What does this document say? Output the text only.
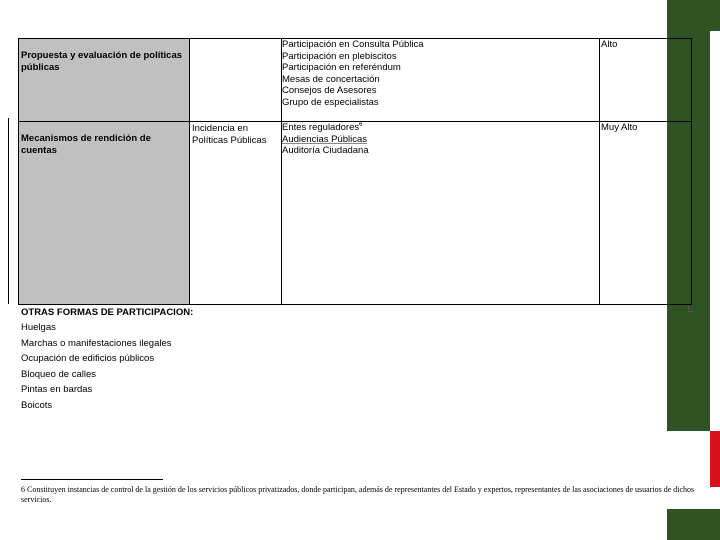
Propuesta y evaluación de políticas públicas
Participación en Consulta Pública
Participación en plebiscitos
Participación en referéndum
Mesas de concertación
Consejos de Asesores
Grupo de especialistas
Alto
Mecanismos de rendición de cuentas
Incidencia en Políticas Públicas
Entes reguladores$^6$
Audiencias Públicas
Auditoría Ciudadana
Muy Alto

OTRAS FORMAS DE PARTICIPACION:

Huelgas
Marchas o manifestaciones ilegales
Ocupación de edificios públicos
Bloqueo de calles
Pintas en bardas
Boicots
6 Constituyen instancias de control de la gestión de los servicios públicos privatizados, donde participan, además de representantes del Estado y expertos, representantes de las asociaciones de usuarios de dichos servicios.
